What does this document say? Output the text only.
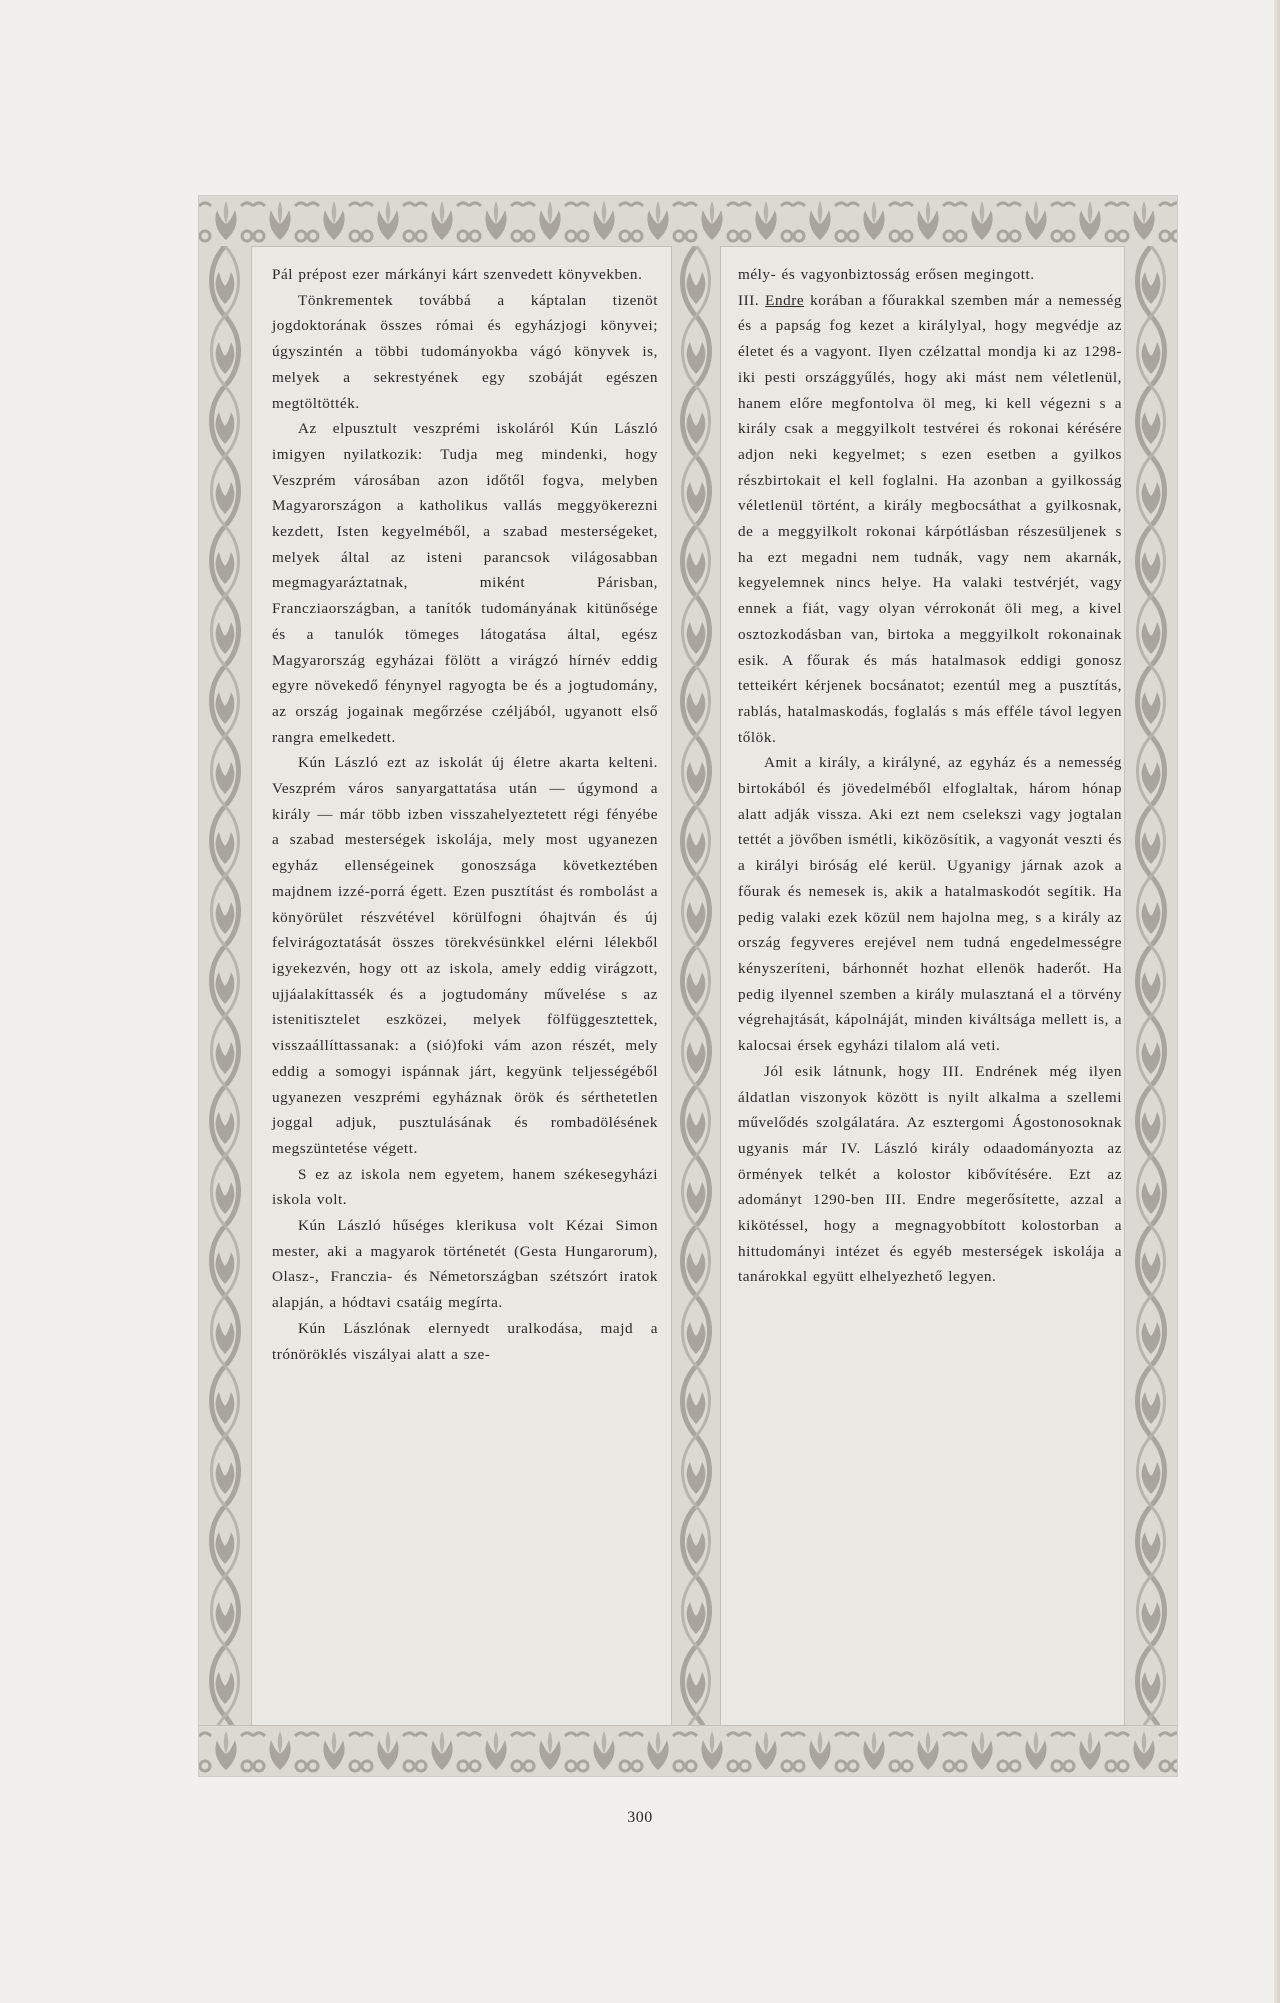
Pál prépost ezer márkányi kárt szenvedett könyvekben.

Tönkrementek továbbá a káptalan tizenöt jogdoktorának összes római és egyházjogi könyvei; úgyszintén a többi tudományokba vágó könyvek is, melyek a sekrestyének egy szobáját egészen megtöltötték.

Az elpusztult veszprémi iskoláról Kún László imigyen nyilatkozik: Tudja meg mindenki, hogy Veszprém városában azon időtől fogva, melyben Magyarországon a katholikus vallás meggyökerezni kezdett, Isten kegyelméből, a szabad mesterségeket, melyek által az isteni parancsok világosabban megmagyaráztatnak, miként Párisban, Francziaországban, a tanítók tudományának kitünősége és a tanulók tömeges látogatása által, egész Magyarország egyházai fölött a virágzó hírnév eddig egyre növekedő fénynyel ragyogta be és a jogtudomány, az ország jogainak megőrzése czéljából, ugyanott első rangra emelkedett.

Kún László ezt az iskolát új életre akarta kelteni. Veszprém város sanyargattatása után — úgymond a király — már több izben visszahelyeztetett régi fényébe a szabad mesterségek iskolája, mely most ugyanezen egyház ellenségeinek gonoszsága következtében majdnem izzé-porrá égett. Ezen pusztítást és rombolást a könyörület részvétével körülfogni óhajtván és új felvirágoztatását összes törekvésünkkel elérni lélekből igyekezvén, hogy ott az iskola, amely eddig virágzott, ujjáalakíttassék és a jogtudomány művelése s az istenitisztelet eszközei, melyek fölfüggesztettek, visszaállíttassanak: a (sió)foki vám azon részét, mely eddig a somogyi ispánnak járt, kegyünk teljességéből ugyanezen veszprémi egyháznak örök és sérthetetlen joggal adjuk, pusztulásának és rombadölésének megszüntetése végett.

S ez az iskola nem egyetem, hanem székesegyházi iskola volt.

Kún László hűséges klerikusa volt Kézai Simon mester, aki a magyarok történetét (Gesta Hungarorum), Olasz-, Franczia- és Németországban szétszórt iratok alapján, a hódtavi csatáig megírta.

Kún Lászlónak elernyedt uralkodása, majd a trónöröklés viszályai alatt a sze-

mély- és vagyonbiztosság erősen megingott.

III. Endre korában a főurakkal szemben már a nemesség és a papság fog kezet a királylyal, hogy megvédje az életet és a vagyont. Ilyen czélzattal mondja ki az 1298-iki pesti országgyűlés, hogy aki mást nem véletlenül, hanem előre megfontolva öl meg, ki kell végezni s a király csak a meggyilkolt testvérei és rokonai kérésére adjon neki kegyelmet; s ezen esetben a gyilkos részbirtokait el kell foglalni. Ha azonban a gyilkosság véletlenül történt, a király megbocsáthat a gyilkosnak, de a meggyilkolt rokonai kárpótlásban részesüljenek s ha ezt megadni nem tudnák, vagy nem akarnák, kegyelemnek nincs helye. Ha valaki testvérjét, vagy ennek a fiát, vagy olyan vérrokonát öli meg, a kivel osztozkodásban van, birtoka a meggyilkolt rokonainak esik. A főurak és más hatalmasok eddigi gonosz tetteikért kérjenek bocsánatot; ezentúl meg a pusztítás, rablás, hatalmaskodás, foglalás s más efféle távol legyen tőlök.

Amit a király, a királyné, az egyház és a nemesség birtokából és jövedelméből elfoglaltak, három hónap alatt adják vissza. Aki ezt nem cselekszi vagy jogtalan tettét a jövőben ismétli, kiközösítik, a vagyonát veszti és a királyi biróság elé kerül. Ugyanigy járnak azok a főurak és nemesek is, akik a hatalmaskodót segítik. Ha pedig valaki ezek közül nem hajolna meg, s a király az ország fegyveres erejével nem tudná engedelmességre kényszeríteni, bárhonnét hozhat ellenök haderőt. Ha pedig ilyennel szemben a király mulasztaná el a törvény végrehajtását, kápolnáját, minden kiváltsága mellett is, a kalocsai érsek egyházi tilalom alá veti.

Jól esik látnunk, hogy III. Endrének még ilyen áldatlan viszonyok között is nyilt alkalma a szellemi művelődés szolgálatára. Az esztergomi Ágostonosoknak ugyanis már IV. László király odaadományozta az örmények telkét a kolostor kibővítésére. Ezt az adományt 1290-ben III. Endre megerősítette, azzal a kikötéssel, hogy a megnagyobbított kolostorban a hittudományi intézet és egyéb mesterségek iskolája a tanárokkal együtt elhelyezhető legyen.

300
